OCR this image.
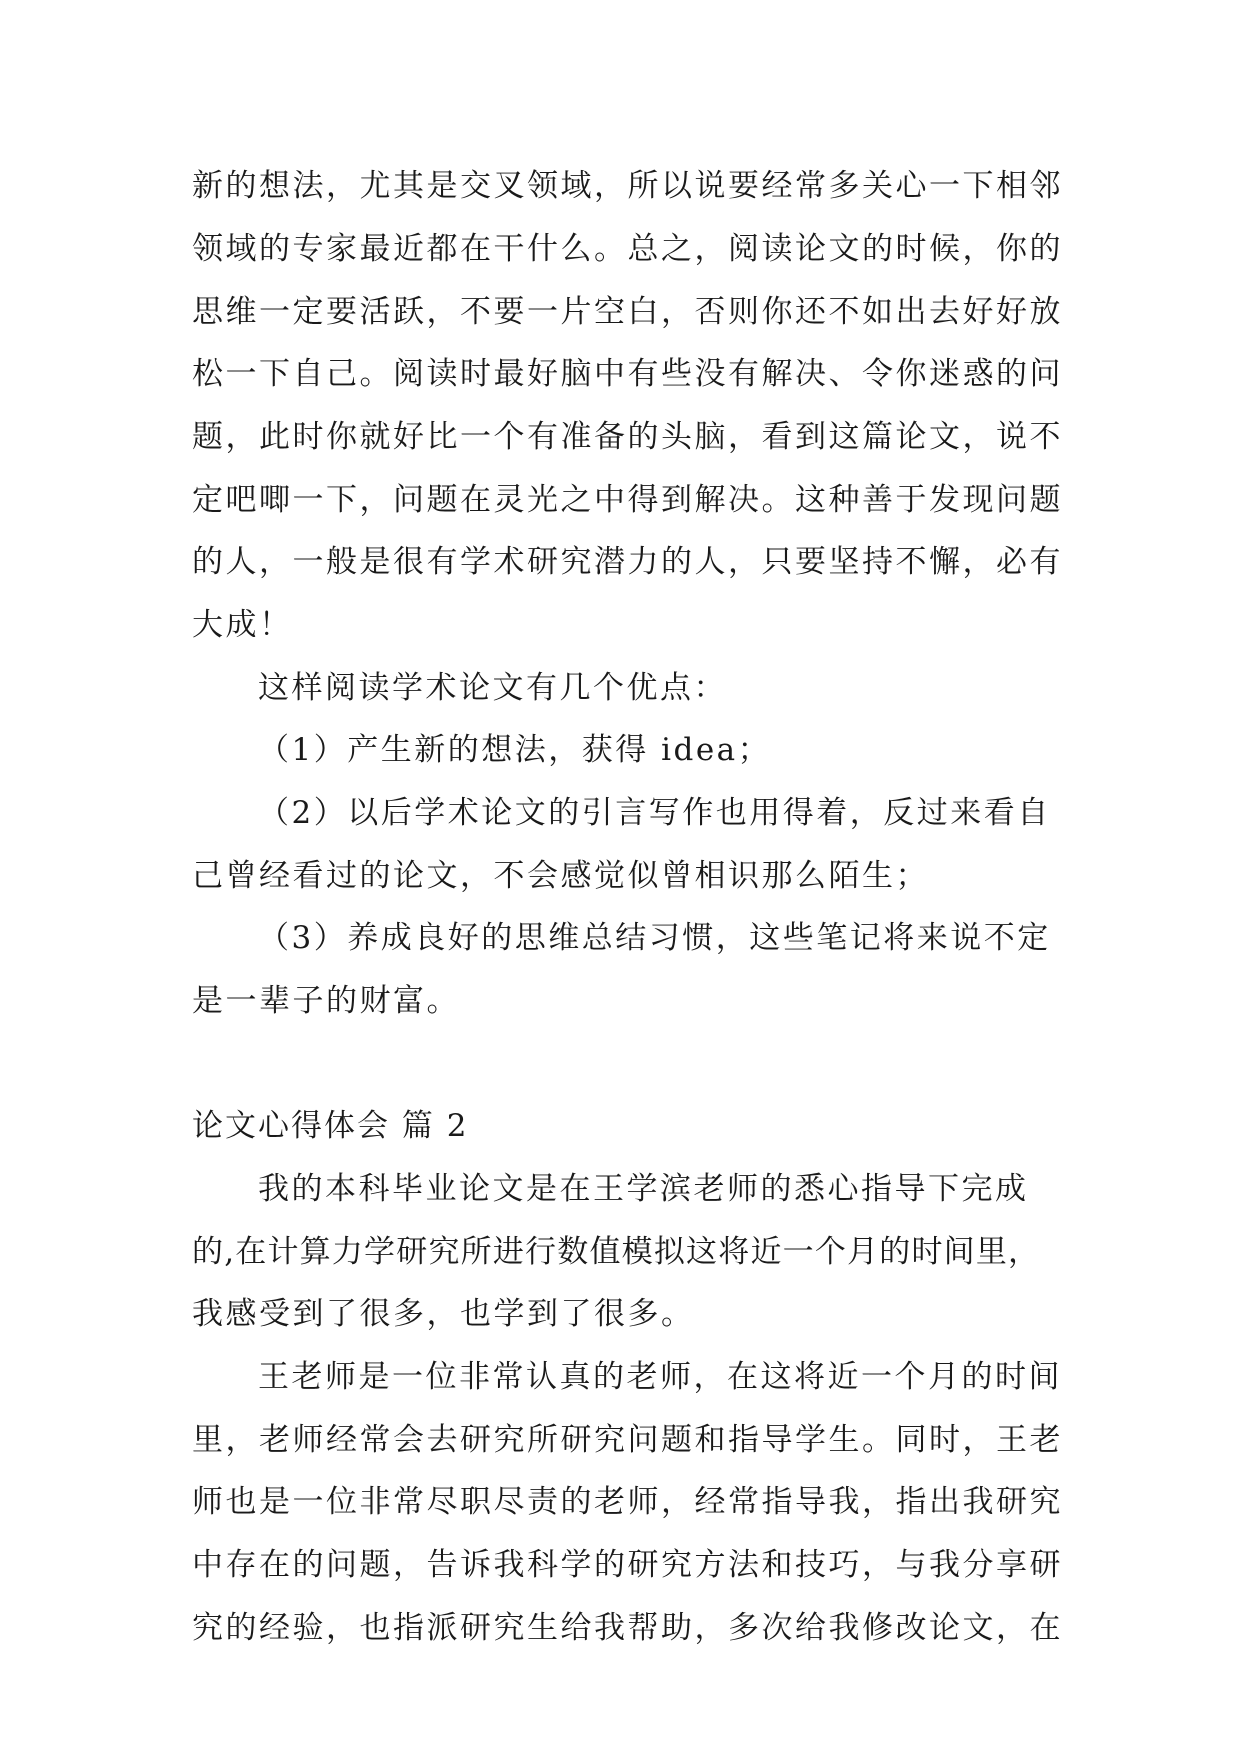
新的想法，尤其是交叉领域，所以说要经常多关心一下相邻
领域的专家最近都在干什么。总之，阅读论文的时候，你的
思维一定要活跃，不要一片空白，否则你还不如出去好好放
松一下自己。阅读时最好脑中有些没有解决、令你迷惑的问
题，此时你就好比一个有准备的头脑，看到这篇论文，说不
定吧唧一下，问题在灵光之中得到解决。这种善于发现问题
的人，一般是很有学术研究潜力的人，只要坚持不懈，必有
大成！
这样阅读学术论文有几个优点：
（1）产生新的想法，获得 idea；
（2）以后学术论文的引言写作也用得着，反过来看自
己曾经看过的论文，不会感觉似曾相识那么陌生；
（3）养成良好的思维总结习惯，这些笔记将来说不定
是一辈子的财富。
论文心得体会 篇 2
我的本科毕业论文是在王学滨老师的悉心指导下完成
的,在计算力学研究所进行数值模拟这将近一个月的时间里，
我感受到了很多，也学到了很多。
王老师是一位非常认真的老师，在这将近一个月的时间
里，老师经常会去研究所研究问题和指导学生。同时，王老
师也是一位非常尽职尽责的老师，经常指导我，指出我研究
中存在的问题，告诉我科学的研究方法和技巧，与我分享研
究的经验，也指派研究生给我帮助，多次给我修改论文，在
